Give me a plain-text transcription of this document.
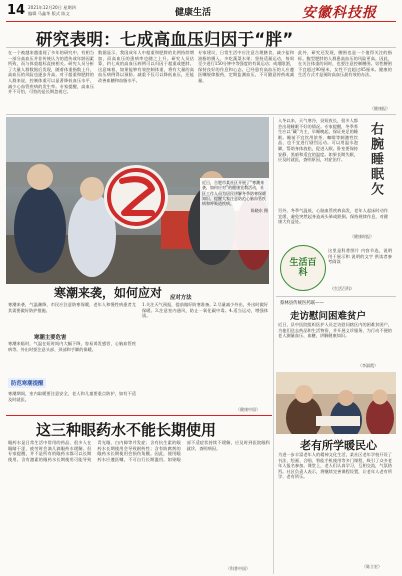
14 2021年12月20日 星期四
编辑 马鑫华 版式 陈文	健康生活	安徽科技报
研究表明：七成高血压归因于“胖”
在一个被越来越重视了多年的研究中，有相当一部分高血压并非传统认为的遗传或年龄因素所致，而与体重超标直接相关。研究人员分析了大量人群数据后发现，随着体重指数上升，高血压的风险也逐步升高。对于超重和肥胖的人群来说，控制体重可以显著降低血压水平，减少心血管疾病的发生率。专家提醒，高血压并不可怕，可怕的是长期忽视它。
数据显示，我国成年人中超重和肥胖的比例持续增加，而高血压的患病率也随之上升。研究人员估算，约七成的高血压病例可以归因于超重或肥胖。这意味着，如果能够有效控制体重，将有大量的高血压病例得以预防。减重不仅可以降低血压，还能改善血糖和血脂水平。
专家建议，日常生活中应注意合理膳食，减少盐和油脂的摄入，多吃蔬菜水果；坚持适量运动，每周至少进行150分钟中等强度的有氧运动；戒烟限酒，保持良好的作息和心态。已经患有高血压的人应遵医嘱规律服药，定期监测血压，不可随意停药或减量。
此外，研究还发现，腰围也是一个值得关注的指标。腹型肥胖的人群患高血压的风险更高。因此，在关注体重的同时，也要注意控制腰围。男性腰围不宜超过90厘米，女性不宜超过85厘米。健康的生活方式才是预防高血压最有效的办法。
（健康报）
近日，合肥市某社区开展了“寒潮来袭，如何应对”的健康宣教活动，社区工作人员为居民讲解冬季防寒保暖知识，提醒大家注意防范心脑血管疾病和呼吸道疾病。
陈晓东 摄
寒潮来袭，如何应对
寒潮来袭，气温骤降，市民应注意防寒保暖，老年人和慢性病患者尤其需要做好防护措施。
寒潮主要危害
寒潮来临时，气温在短时间内大幅下降，容易诱发感冒、心脑血管疾病等。外出时要注意头部、颈部和手脚的保暖。
防范寒潮提醒
寒潮期间，室内取暖要注意安全，老人和儿童要重点防护，如有不适及时就医。
应对方法
1.关注天气预报，提前做好防寒准备。2.尽量减少外出，外出时做好保暖。3.注意室内通风，防止一氧化碳中毒。4.适当运动，增强体质。
（健康中国）
入冬以来，天气寒冷，昼短夜长，很多人都会出现睡眠不好的情况。专家提醒，冬季养生应以“藏”为主，早睡晚起，保证充足的睡眠。睡前不宜饮用浓茶、咖啡等刺激性饮品，也不宜进行剧烈运动。可以用温水泡脚，帮助身体放松，促进入眠。卧室要保持安静、黑暗和适宜的温度。如果长期失眠，应及时就医，查明原因，对症治疗。	右腕睡眠欠
另外，冬季气温低，心脑血管疾病高发，老年人起床时动作宜缓，避免突然起身造成头晕或跌倒。保持规律作息，对健康大有益处。
（健康时报）
生活百科
这里是科普图片 内容节选，说明用于展示和 说明的文字 供读者参考阅读
《生活百科》
蔡林县传统医药联——
走访慰问困难贫户
近日，县中医院组织医护人员走访慰问辖区内的困难贫困户，为他们送去药品和生活物资，并开展义诊服务，为行动不便的老人测量血压、血糖，讲解健康知识。
（李淑霞）
老有所学暖民心
为进一步丰富老年人的精神文化生活，某社区老年学校开设了书法、绘画、合唱、智能手机使用等多门课程，吸引了众多老年人报名参加。课堂上，老人们认真学习，互相交流，气氛热烈。社区负责人表示，将继续完善课程设置，让老年人老有所学、老有所乐。
（陈立宏）
这三种眼药水不能长期使用
眼药水是日常生活中常用的药品，很多人在眼睛干涩、疲劳时会滴几滴眼药水缓解。但专家提醒，并不是所有的眼药水都可以长期使用。含有激素的眼药水长期使用可能导致青光眼、白内障等并发症；含有抗生素的眼药水长期使用会导致耐药性；含有防腐剂的眼药水长期使用会损伤角膜。因此，使用眼药水应遵医嘱，不可自行长期滥用。如果眼部不适症状持续不缓解，应及时到医院眼科就诊，查明病因。
（科普中国）
